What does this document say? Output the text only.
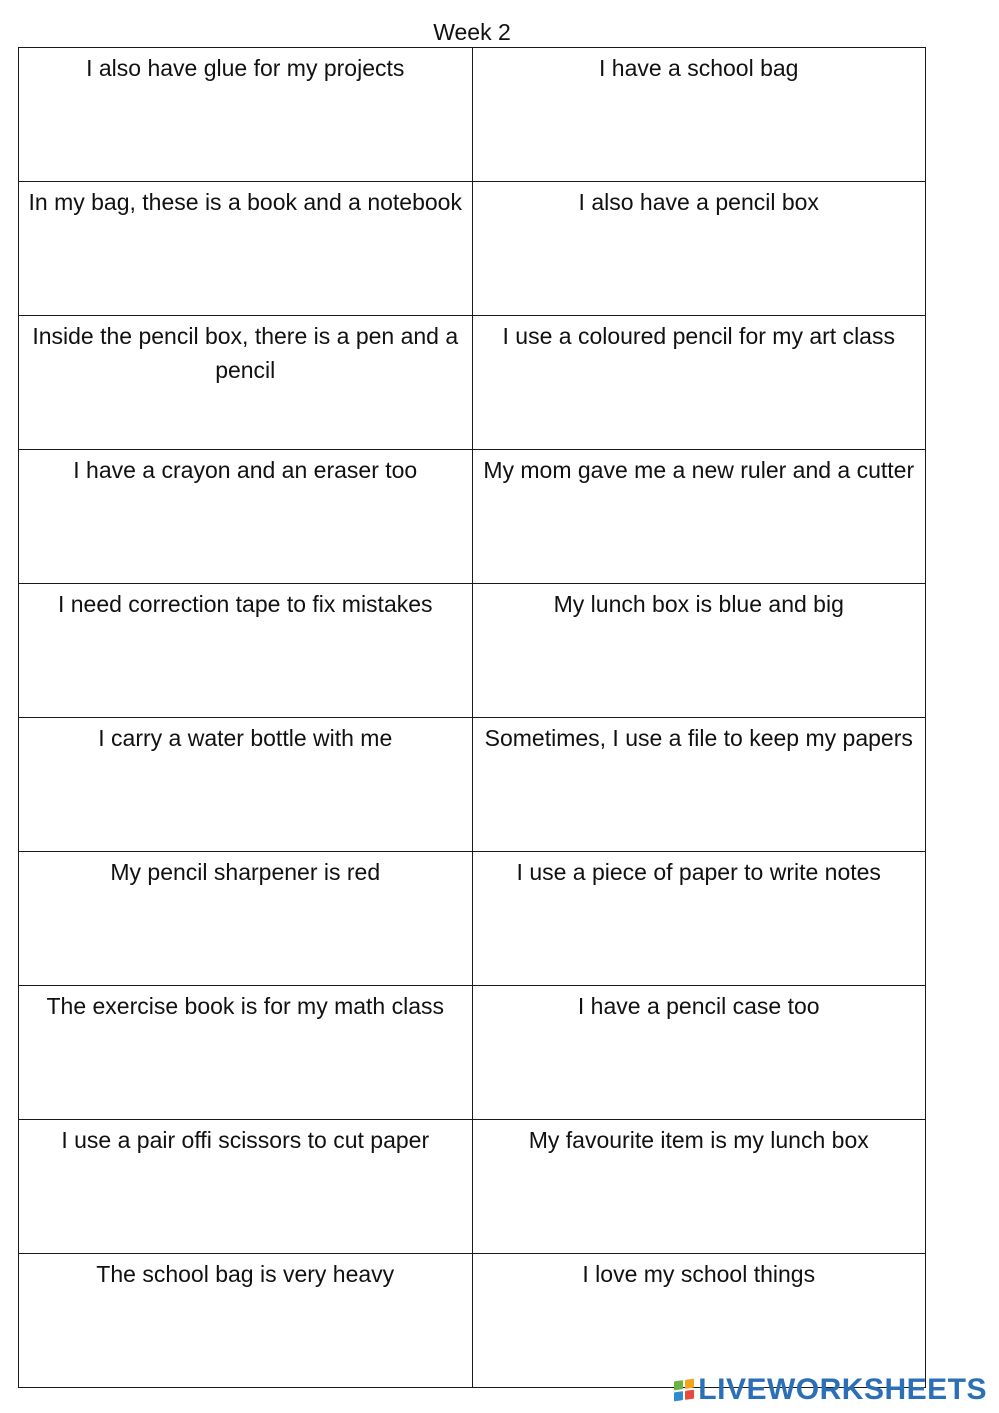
Week 2
I also have glue for my projects	I have a school bag
In my bag, these is a book and a notebook	I also have a pencil box
Inside the pencil box, there is a pen and a pencil	I use a coloured pencil for my art class
I have a crayon and an eraser too	My mom gave me a new ruler and a cutter
I need correction tape to fix mistakes	My lunch box is blue and big
I carry a water bottle with me	Sometimes, I use a file to keep my papers
My pencil sharpener is red	I use a piece of paper to write notes
The exercise book is for my math class	I have a pencil case too
I use a pair offi scissors to cut paper	My favourite item is my lunch box
The school bag is very heavy	I love my school things
LIVEWORKSHEETS
